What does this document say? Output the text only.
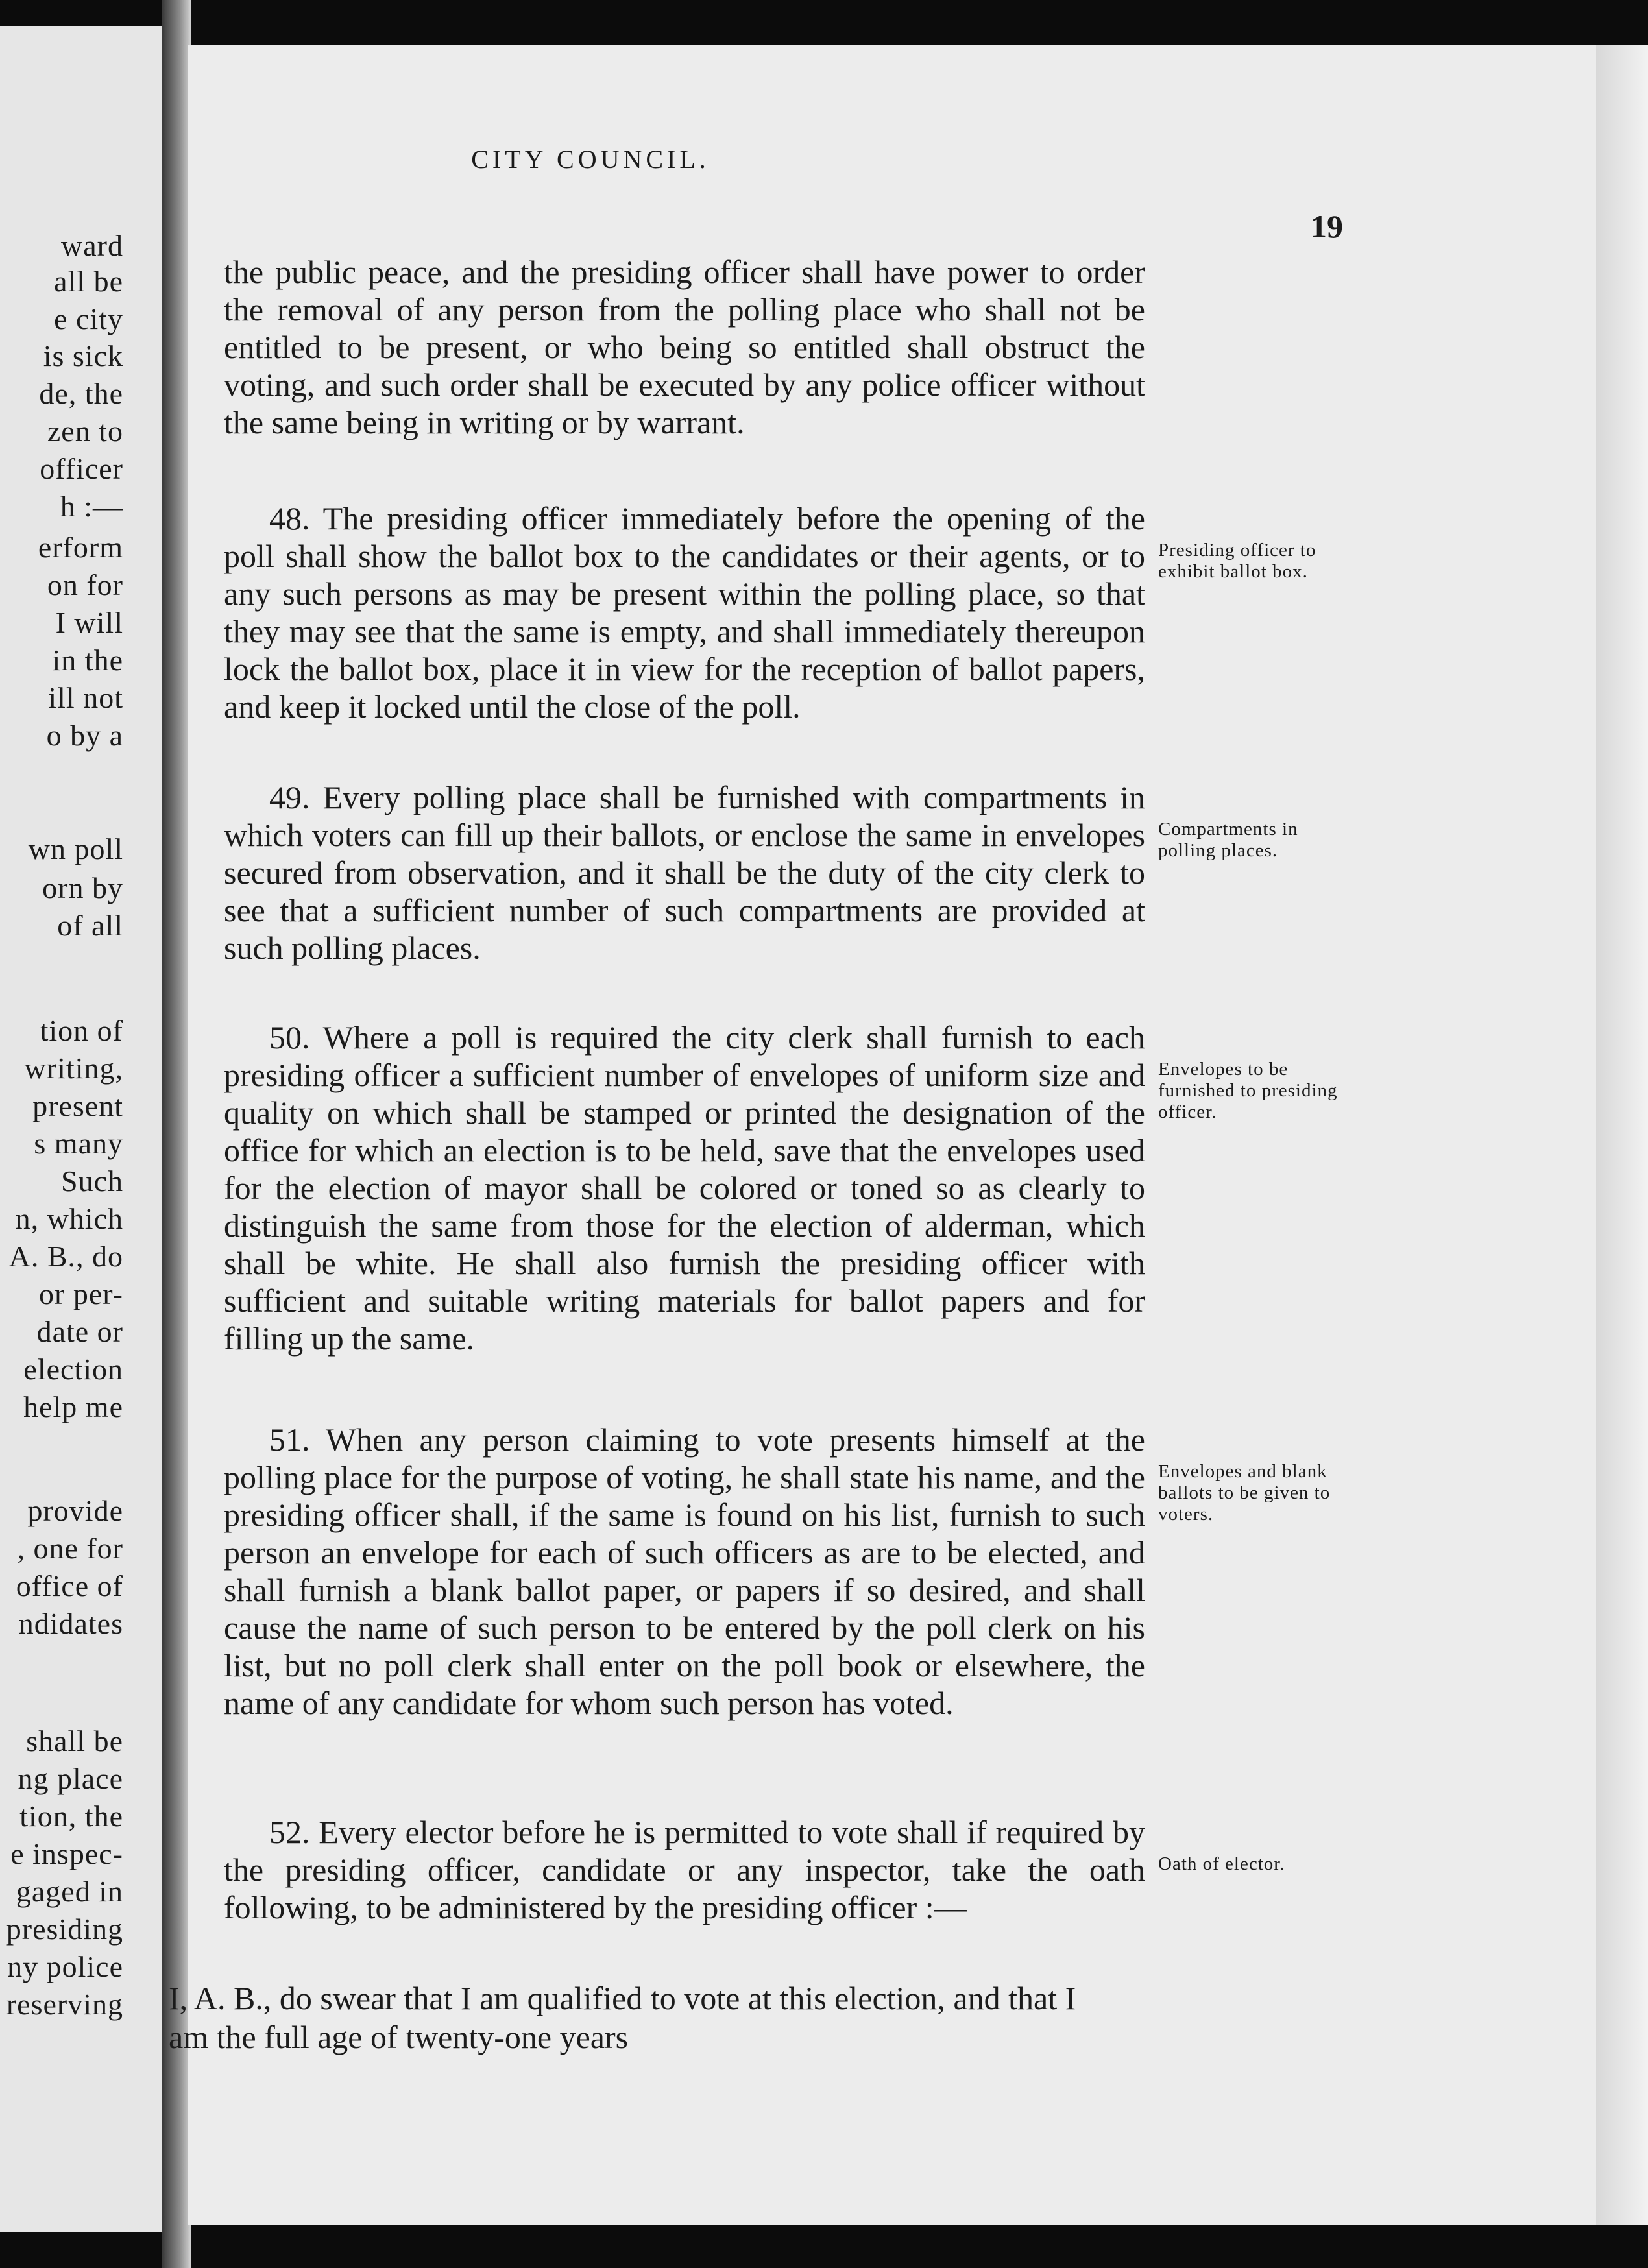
ward
all be
e city
is sick
de, the
zen to
officer
h :—
erform
on for
I will
in the
ill not
o by a
wn poll
orn by
of all
tion of
writing,
present
s many
Such
n, which
A. B., do
or per-
date or
election
help me
provide
, one for
office of
ndidates
shall be
ng place
tion, the
e inspec-
gaged in
presiding
ny police
reserving
CITY COUNCIL.
19
the public peace, and the presiding officer shall have power to order the removal of any person from the polling place who shall not be entitled to be present, or who being so entitled shall obstruct the voting, and such order shall be executed by any police officer without the same being in writing or by warrant.
48. The presiding officer immediately before the opening of the poll shall show the ballot box to the candidates or their agents, or to any such persons as may be present within the polling place, so that they may see that the same is empty, and shall immediately thereupon lock the ballot box, place it in view for the reception of ballot papers, and keep it locked until the close of the poll.
Presiding officer to exhibit ballot box.
49. Every polling place shall be furnished with compartments in which voters can fill up their ballots, or enclose the same in envelopes secured from observation, and it shall be the duty of the city clerk to see that a sufficient number of such compartments are provided at such polling places.
Compartments in polling places.
50. Where a poll is required the city clerk shall furnish to each presiding officer a sufficient number of envelopes of uniform size and quality on which shall be stamped or printed the designation of the office for which an election is to be held, save that the envelopes used for the election of mayor shall be colored or toned so as clearly to distinguish the same from those for the election of alderman, which shall be white. He shall also furnish the presiding officer with sufficient and suitable writing materials for ballot papers and for filling up the same.
Envelopes to be furnished to presiding officer.
51. When any person claiming to vote presents himself at the polling place for the purpose of voting, he shall state his name, and the presiding officer shall, if the same is found on his list, furnish to such person an envelope for each of such officers as are to be elected, and shall furnish a blank ballot paper, or papers if so desired, and shall cause the name of such person to be entered by the poll clerk on his list, but no poll clerk shall enter on the poll book or elsewhere, the name of any candidate for whom such person has voted.
Envelopes and blank ballots to be given to voters.
52. Every elector before he is permitted to vote shall if required by the presiding officer, candidate or any inspector, take the oath following, to be administered by the presiding officer :—
Oath of elector.
I, A. B., do swear that I am qualified to vote at this election, and that I am the full age of twenty-one years
